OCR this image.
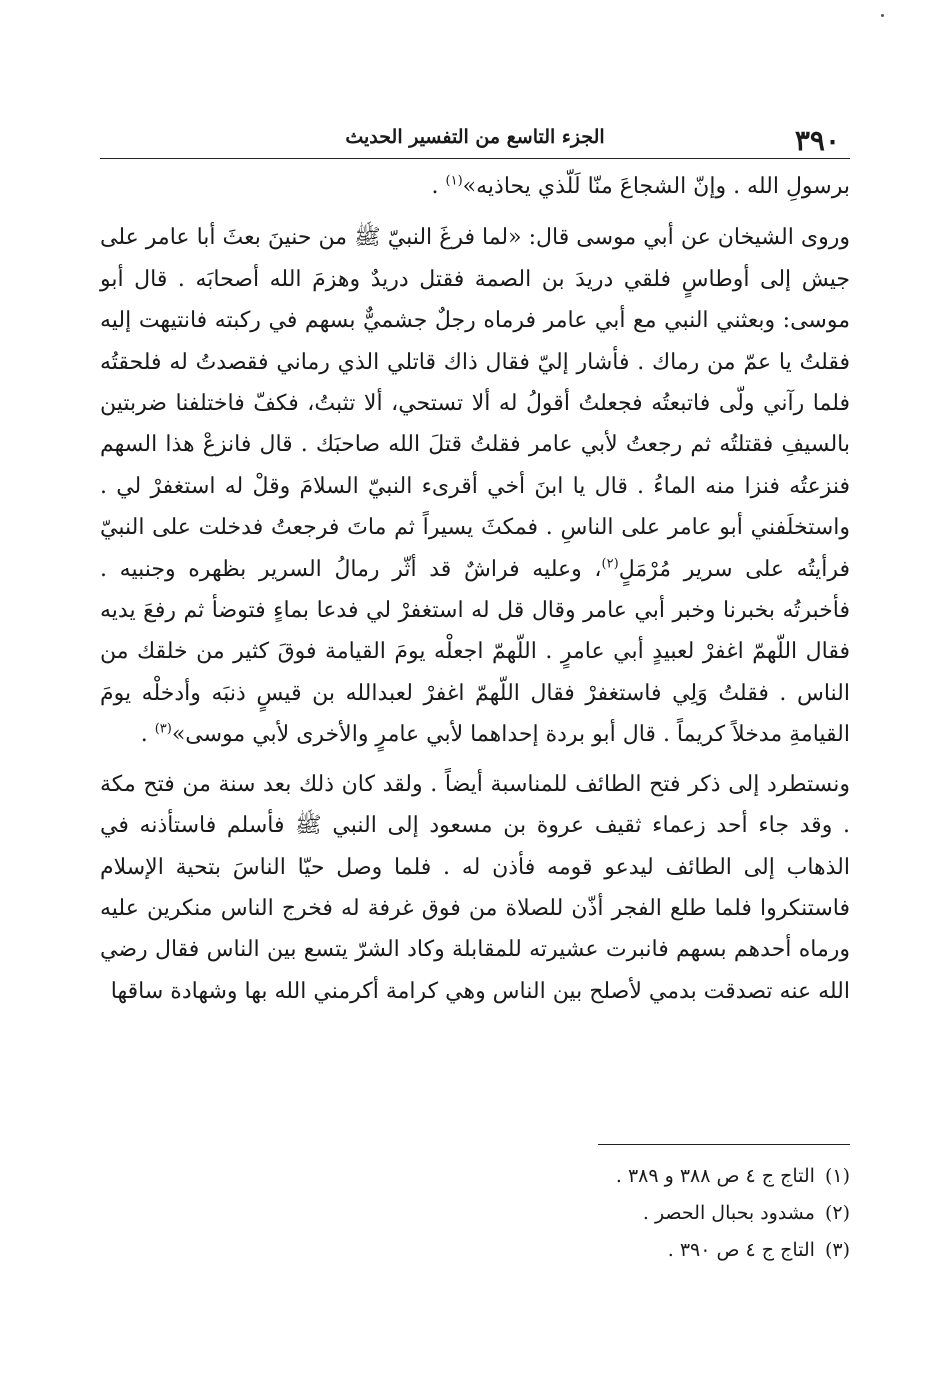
٣٩٠
الجزء التاسع من التفسير الحديث

برسولِ الله . وإنّ الشجاعَ منّا لَلّذي يحاذيه»$^{(١)}$ .

وروى الشيخان عن أبي موسى قال: «لما فرغَ النبيّ ﷺ من حنينَ بعثَ أبا عامر على جيش إلى أوطاسٍ فلقي دريدَ بن الصمة فقتل دريدٌ وهزمَ الله أصحابَه . قال أبو موسى: وبعثني النبي مع أبي عامر فرماه رجلٌ جشميٌّ بسهم في ركبته فانتيهت إليه فقلتُ يا عمّ من رماك . فأشار إليّ فقال ذاك قاتلي الذي رماني فقصدتُ له فلحقتُه فلما رآني ولّى فاتبعتُه فجعلتُ أقولُ له ألا تستحي، ألا تثبتُ، فكفّ فاختلفنا ضربتين بالسيفِ فقتلتُه ثم رجعتُ لأبي عامر فقلتُ قتلَ الله صاحبَك . قال فانزعْ هذا السهم فنزعتُه فنزا منه الماءُ . قال يا ابنَ أخي أقرىء النبيّ السلامَ وقلْ له استغفرْ لي . واستخلَفني أبو عامر على الناسِ . فمكثَ يسيراً ثم ماتَ فرجعتُ فدخلت على النبيّ فرأيتُه على سرير مُرْمَلٍ$^{(٢)}$، وعليه فراشٌ قد أثّر رمالُ السرير بظهره وجنبيه . فأخبرتُه بخبرنا وخبر أبي عامر وقال قل له استغفرْ لي فدعا بماءٍ فتوضأ ثم رفعَ يديه فقال اللّهمّ اغفرْ لعبيدٍ أبي عامرٍ . اللّهمّ اجعلْه يومَ القيامة فوقَ كثير من خلقك من الناس . فقلتُ وَلِي فاستغفرْ فقال اللّهمّ اغفرْ لعبدالله بن قيسٍ ذنبَه وأدخلْه يومَ القيامةِ مدخلاً كريماً . قال أبو بردة إحداهما لأبي عامرٍ والأخرى لأبي موسى»$^{(٣)}$ .

ونستطرد إلى ذكر فتح الطائف للمناسبة أيضاً . ولقد كان ذلك بعد سنة من فتح مكة . وقد جاء أحد زعماء ثقيف عروة بن مسعود إلى النبي ﷺ فأسلم فاستأذنه في الذهاب إلى الطائف ليدعو قومه فأذن له . فلما وصل حيّا الناسَ بتحية الإسلام فاستنكروا فلما طلع الفجر أذّن للصلاة من فوق غرفة له فخرج الناس منكرين عليه ورماه أحدهم بسهم فانبرت عشيرته للمقابلة وكاد الشرّ يتسع بين الناس فقال رضي الله عنه تصدقت بدمي لأصلح بين الناس وهي كرامة أكرمني الله بها وشهادة ساقها

(١)التاج ج ٤ ص ٣٨٨ و ٣٨٩ .
(٢)مشدود بحبال الحصر .
(٣)التاج ج ٤ ص ٣٩٠ .
